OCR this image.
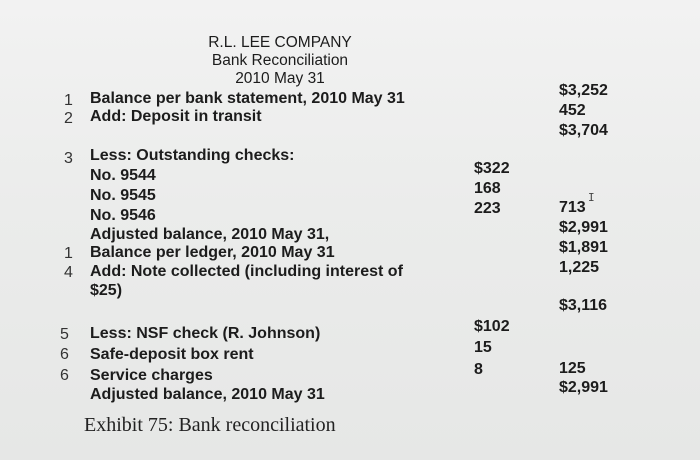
R.L. LEE COMPANY
Bank Reconciliation
2010 May 31
1 Balance per bank statement, 2010 May 31	$3,252
2 Add: Deposit in transit	452
$3,704
3 Less: Outstanding checks:
No. 9544	$322
No. 9545	168
No. 9546	223	713
I
Adjusted balance, 2010 May 31,	$2,991
1 Balance per ledger, 2010 May 31	$1,891
4 Add: Note collected (including interest of	1,225
$25)
$3,116
5 Less: NSF check (R. Johnson)	$102
6 Safe-deposit box rent	15
6 Service charges	8	125
Adjusted balance, 2010 May 31	$2,991
Exhibit 75: Bank reconciliation
